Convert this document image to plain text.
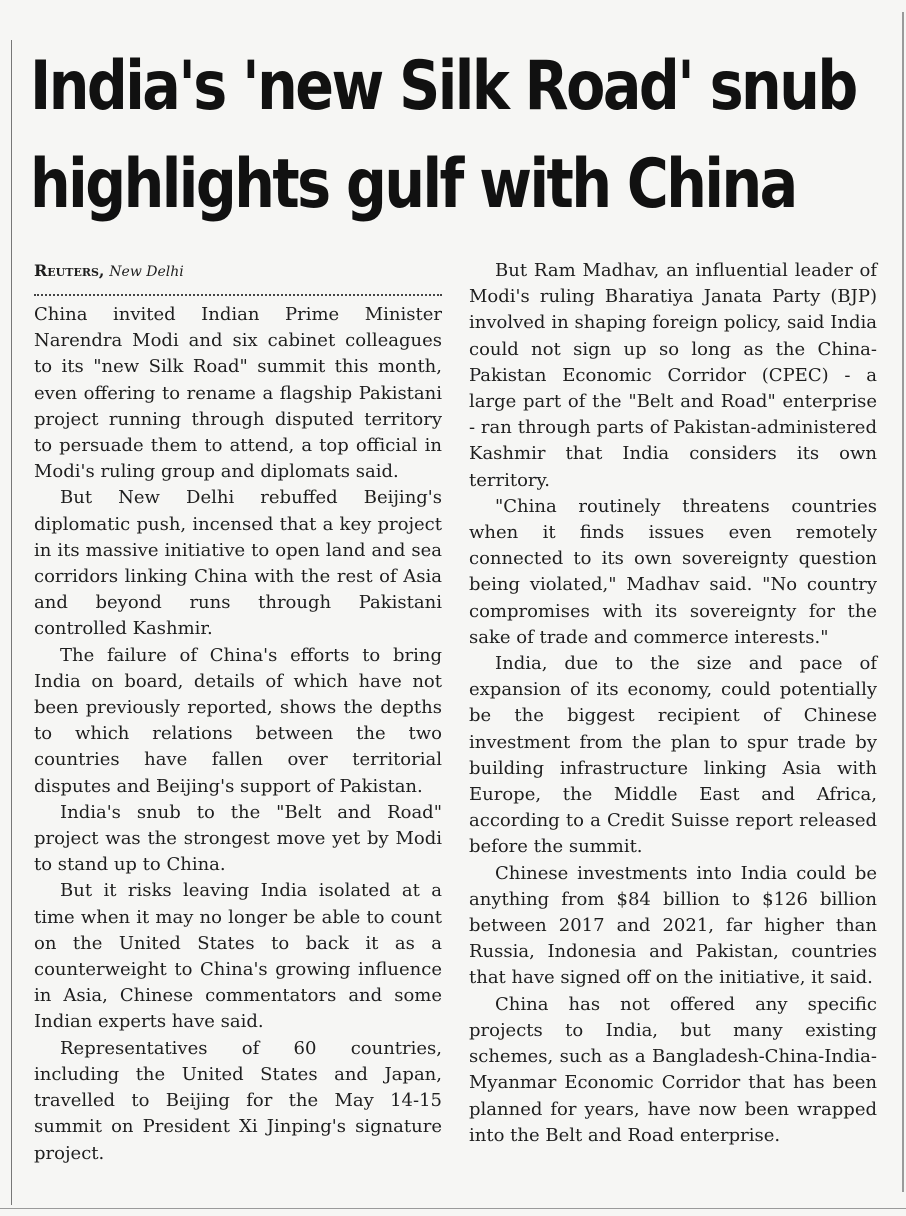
India's 'new Silk Road' snub
highlights gulf with China
Reuters, New Delhi

China invited Indian Prime Minister Narendra Modi and six cabinet colleagues to its "new Silk Road" summit this month, even offering to rename a flagship Pakistani project running through disputed territory to persuade them to attend, a top official in Modi's ruling group and diplomats said.

But New Delhi rebuffed Beijing's diplomatic push, incensed that a key project in its massive initiative to open land and sea corridors linking China with the rest of Asia and beyond runs through Pakistani controlled Kashmir.

The failure of China's efforts to bring India on board, details of which have not been previously reported, shows the depths to which relations between the two countries have fallen over territorial disputes and Beijing's support of Pakistan.

India's snub to the "Belt and Road" project was the strongest move yet by Modi to stand up to China.

But it risks leaving India isolated at a time when it may no longer be able to count on the United States to back it as a counterweight to China's growing influence in Asia, Chinese commentators and some Indian experts have said.

Representatives of 60 countries, including the United States and Japan, travelled to Beijing for the May 14-15 summit on President Xi Jinping's signature project.

But Ram Madhav, an influential leader of Modi's ruling Bharatiya Janata Party (BJP) involved in shaping foreign policy, said India could not sign up so long as the China-Pakistan Economic Corridor (CPEC) - a large part of the "Belt and Road" enterprise - ran through parts of Pakistan-administered Kashmir that India considers its own territory.

"China routinely threatens countries when it finds issues even remotely connected to its own sovereignty question being violated," Madhav said. "No country compromises with its sovereignty for the sake of trade and commerce interests."

India, due to the size and pace of expansion of its economy, could potentially be the biggest recipient of Chinese investment from the plan to spur trade by building infrastructure linking Asia with Europe, the Middle East and Africa, according to a Credit Suisse report released before the summit.

Chinese investments into India could be anything from $84 billion to $126 billion between 2017 and 2021, far higher than Russia, Indonesia and Pakistan, countries that have signed off on the initiative, it said.

China has not offered any specific projects to India, but many existing schemes, such as a Bangladesh-China-India-Myanmar Economic Corridor that has been planned for years, have now been wrapped into the Belt and Road enterprise.
